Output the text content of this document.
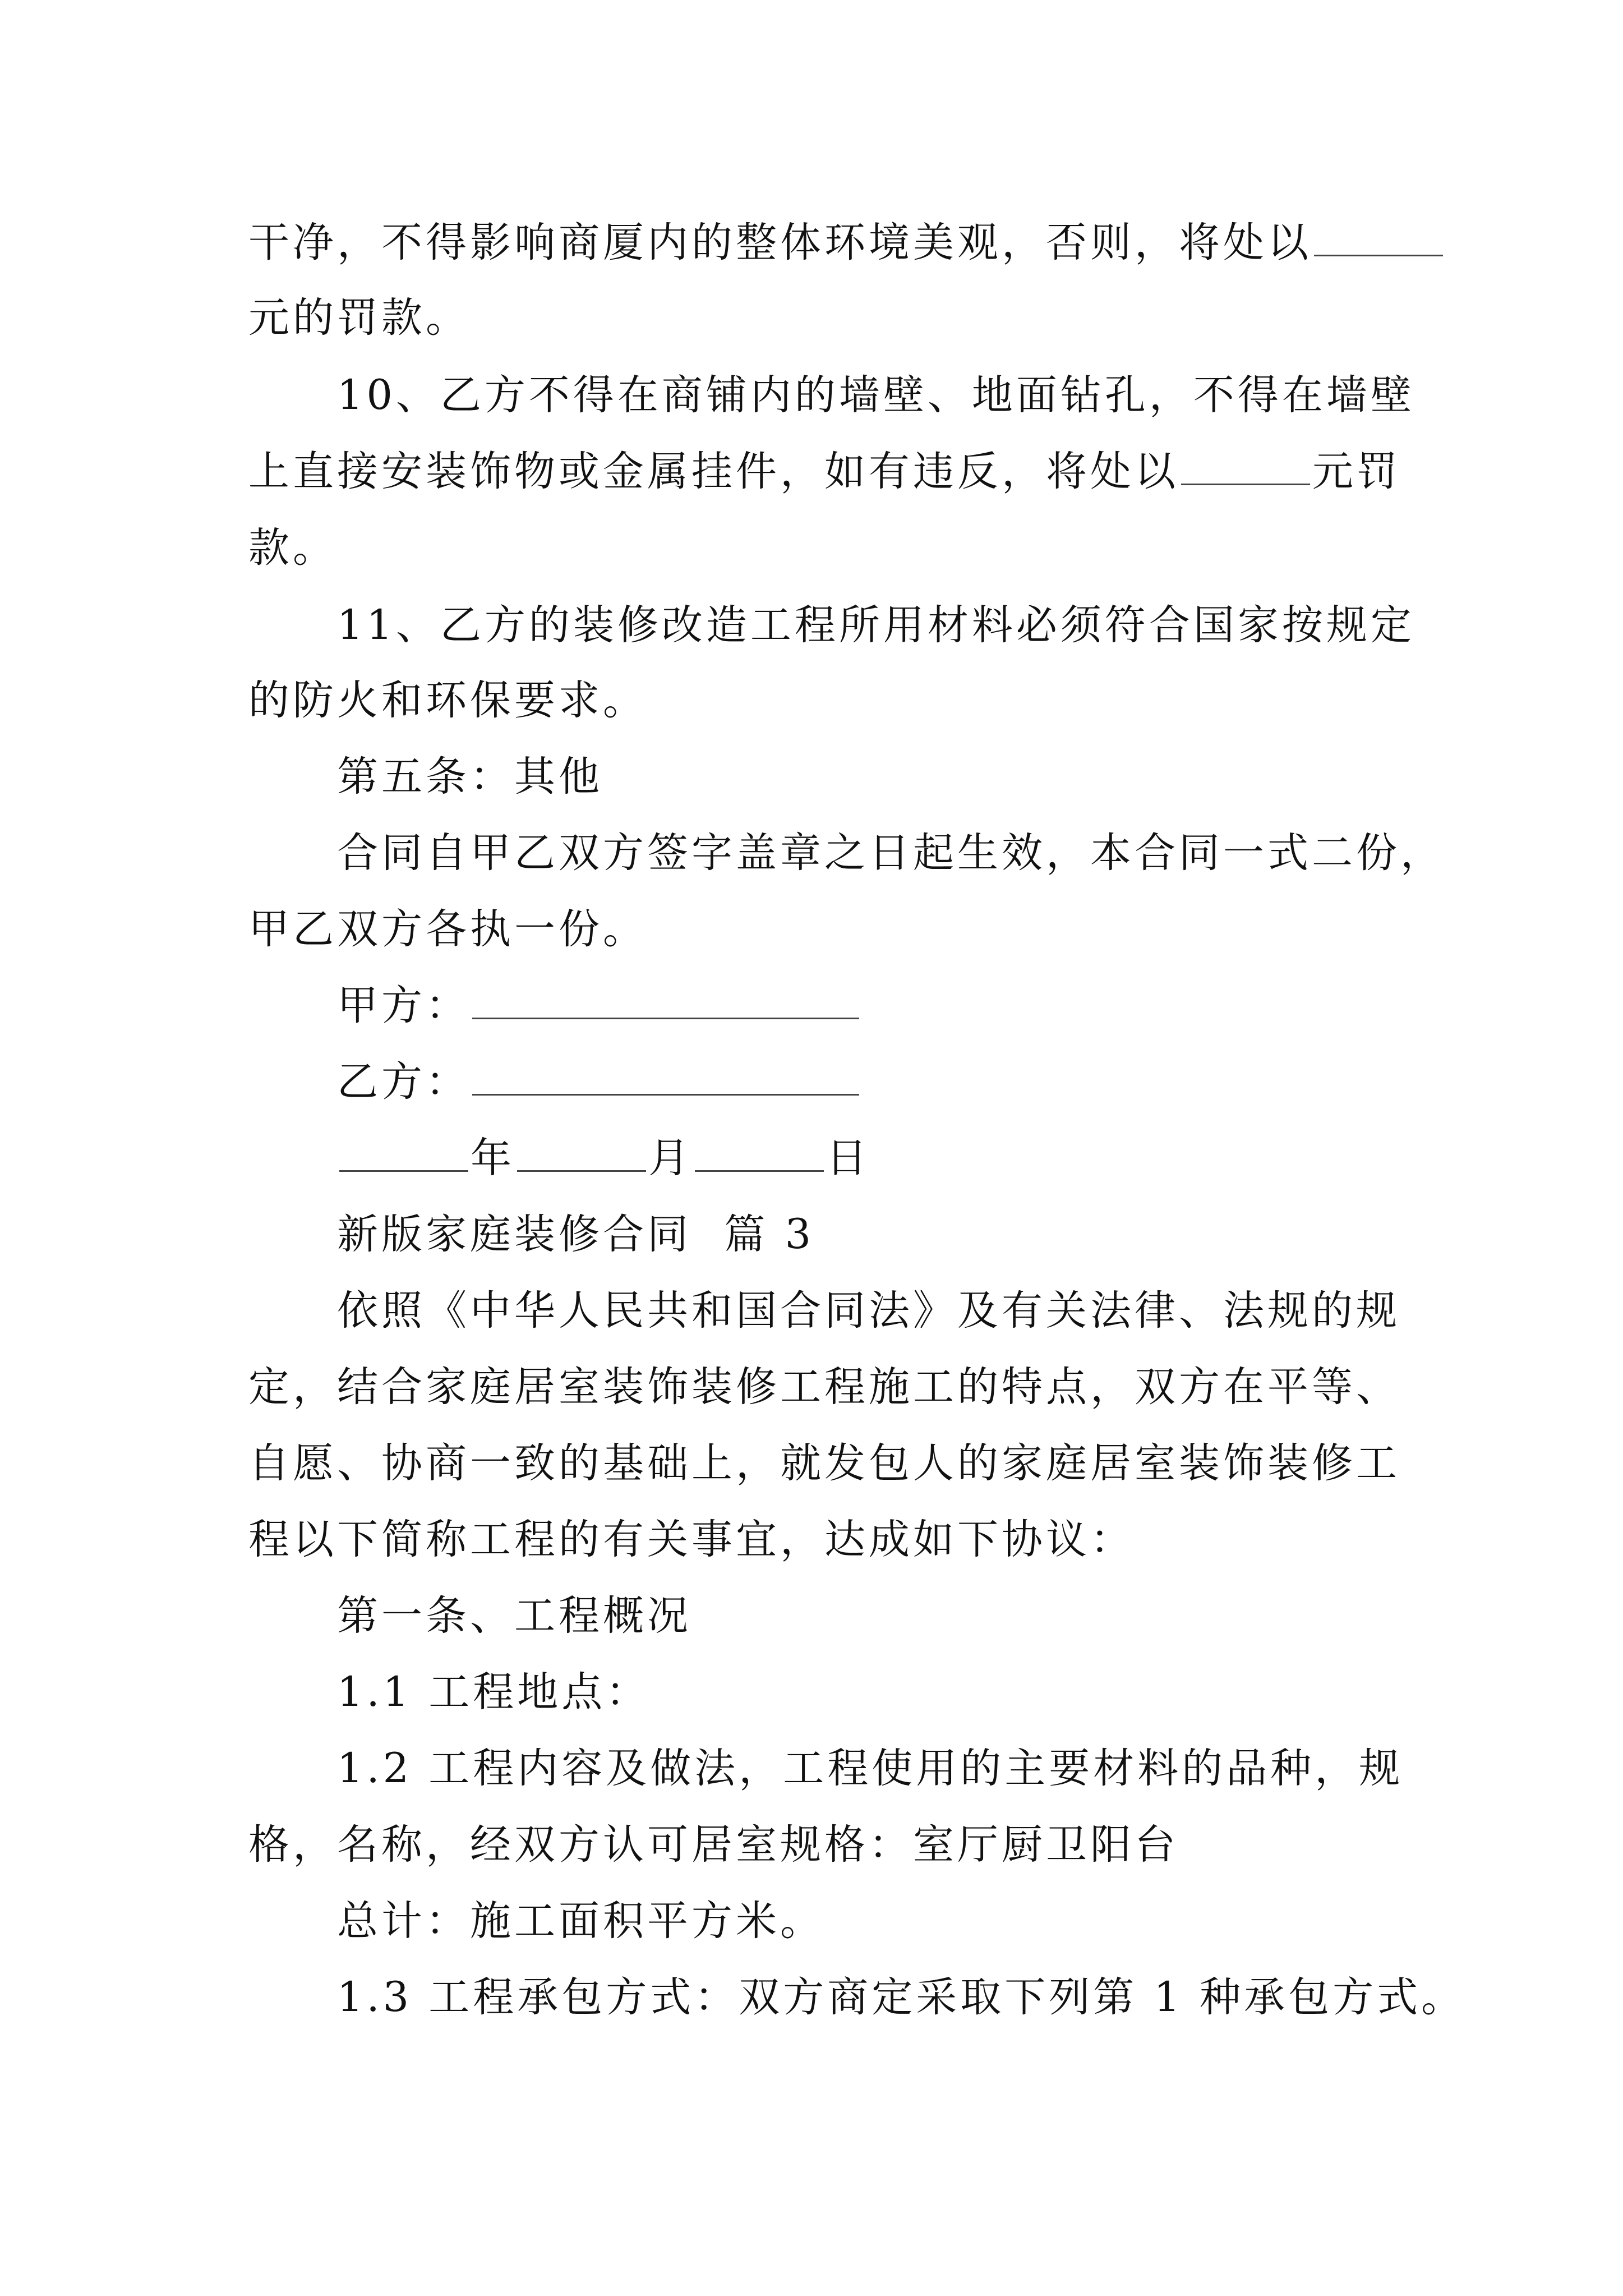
干净，不得影响商厦内的整体环境美观，否则，将处以

元的罚款。

10、乙方不得在商铺内的墙壁、地面钻孔，不得在墙壁

上直接安装饰物或金属挂件，如有违反，将处以	元罚

款。

11、乙方的装修改造工程所用材料必须符合国家按规定

的防火和环保要求。

第五条：其他

合同自甲乙双方签字盖章之日起生效，本合同一式二份，

甲乙双方各执一份。

甲方：

乙方：

年	月	日

新版家庭装修合同  篇 3

依照《中华人民共和国合同法》及有关法律、法规的规

定，结合家庭居室装饰装修工程施工的特点，双方在平等、

自愿、协商一致的基础上，就发包人的家庭居室装饰装修工

程以下简称工程的有关事宜，达成如下协议：

第一条、工程概况

1.1 工程地点：

1.2 工程内容及做法，工程使用的主要材料的品种，规

格，名称，经双方认可居室规格：室厅厨卫阳台

总计：施工面积平方米。

1.3 工程承包方式：双方商定采取下列第 1 种承包方式。
